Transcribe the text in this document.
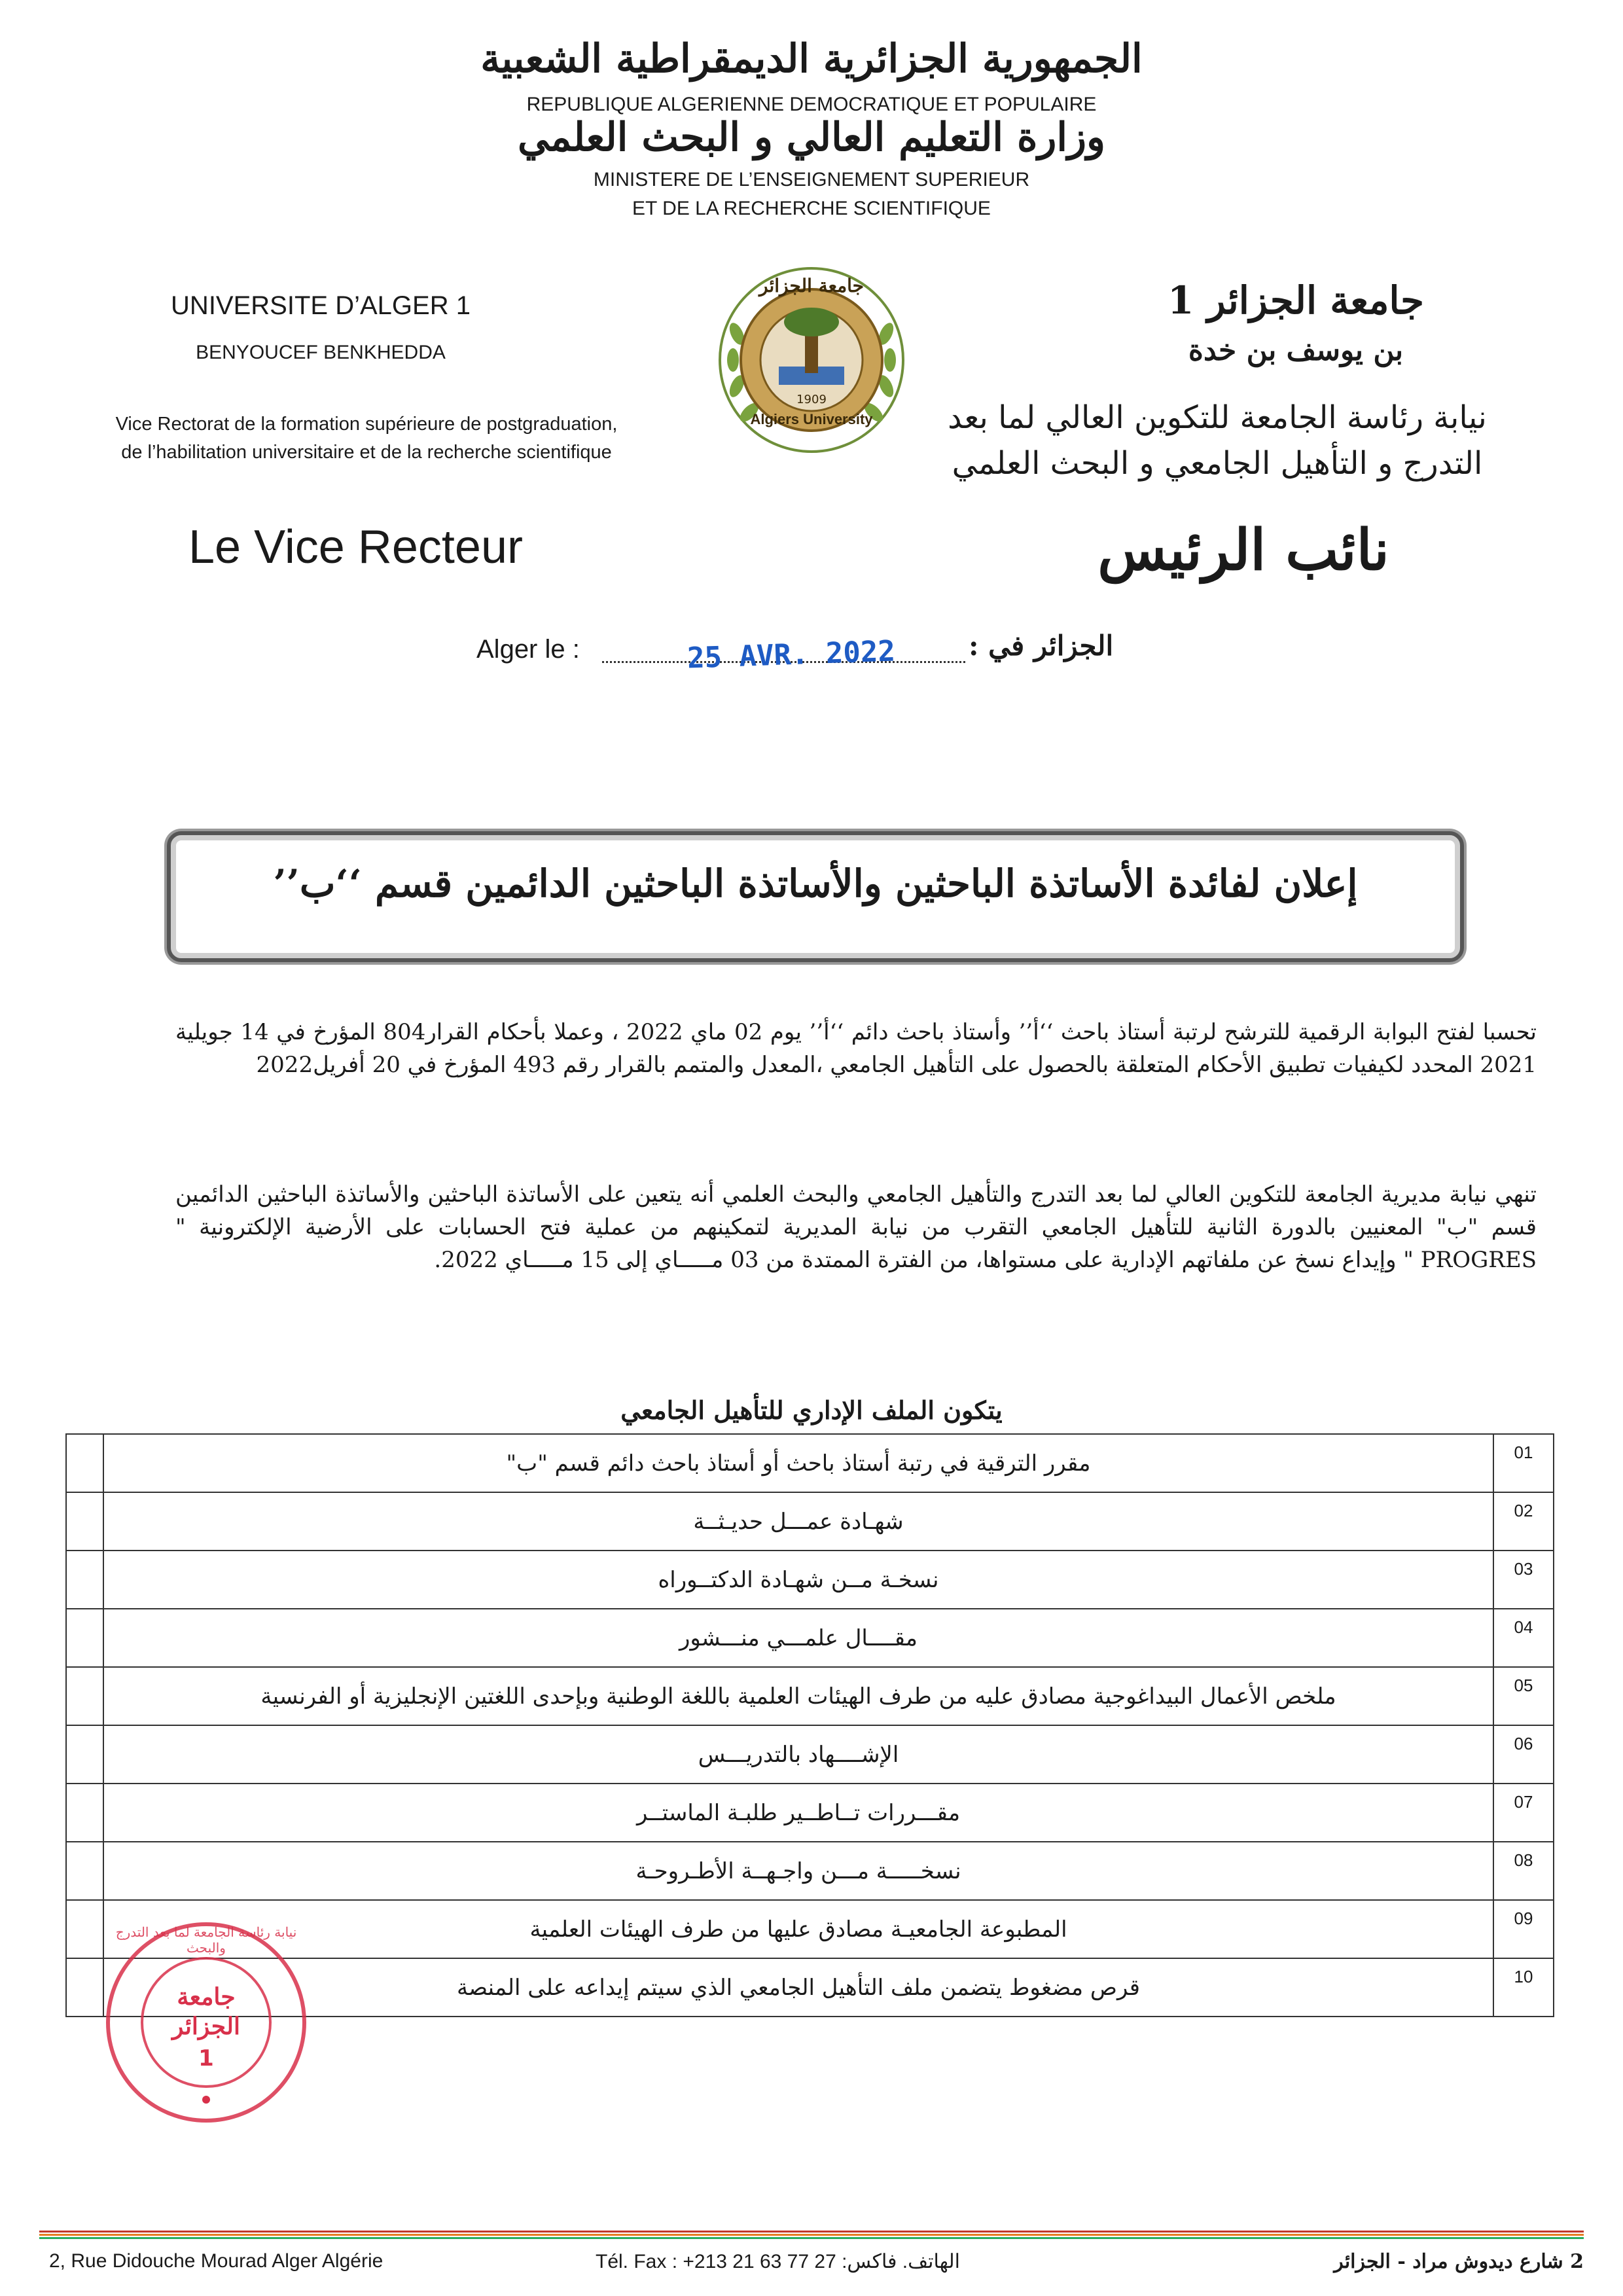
الجمهورية الجزائرية الديمقراطية الشعبية
REPUBLIQUE ALGERIENNE DEMOCRATIQUE ET POPULAIRE
وزارة التعليم العالي و البحث العلمي
MINISTERE DE L’ENSEIGNEMENT SUPERIEUR
ET DE LA RECHERCHE SCIENTIFIQUE
UNIVERSITE D’ALGER 1
BENYOUCEF BENKHEDDA
Vice Rectorat de la formation supérieure de postgraduation,
de l’habilitation universitaire et de la recherche scientifique
Le Vice Recteur
جامعة الجزائر
1909
Algiers University
جامعة الجزائر 1
بن يوسف بن خدة
نيابة رئاسة الجامعة للتكوين العالي لما بعد
التدرج و التأهيل الجامعي و البحث العلمي
نائب الرئيس
Alger le :	25 AVR. 2022	الجزائر في :
إعلان لفائدة الأساتذة الباحثين والأساتذة الباحثين الدائمين قسم ‘‘ب’’
تحسبا لفتح البوابة الرقمية للترشح لرتبة أستاذ باحث ‘‘أ’’ وأستاذ باحث دائم ‘‘أ’’ يوم 02 ماي 2022 ، وعملا بأحكام القرار804 المؤرخ في 14 جويلية 2021 المحدد لكيفيات تطبيق الأحكام المتعلقة بالحصول على التأهيل الجامعي ،المعدل والمتمم بالقرار رقم 493 المؤرخ في 20 أفريل2022
تنهي نيابة مديرية الجامعة للتكوين العالي لما بعد التدرج والتأهيل الجامعي والبحث العلمي أنه يتعين على الأساتذة الباحثين والأساتذة الباحثين الدائمين قسم "ب" المعنيين بالدورة الثانية للتأهيل الجامعي التقرب من نيابة المديرية لتمكينهم من عملية فتح الحسابات على الأرضية الإلكترونية " PROGRES " وإيداع نسخ عن ملفاتهم الإدارية على مستواها، من الفترة الممتدة من 03 مـــــاي إلى 15 مـــــاي 2022.
يتكون الملف الإداري للتأهيل الجامعي
	مقرر الترقية في رتبة أستاذ باحث أو أستاذ باحث دائم قسم "ب"	01
	شهـادة عمـــل حديـثــة	02
	نسخـة مــن شهـادة الدكتــوراه	03
	مقــــال علمـــي منـــشور	04
	ملخص الأعمال البيداغوجية مصادق عليه من طرف الهيئات العلمية باللغة الوطنية وبإحدى اللغتين الإنجليزية أو الفرنسية	05
	الإشــــهاد بالتدريـــس	06
	مقـــررات تــاطــير طلبـة الماستــر	07
	نسخـــــة مـــن واجـهــة الأطـروحـة	08
	المطبوعة الجامعيـة مصادق عليها من طرف الهيئات العلمية	09
	قرص مضغوط يتضمن ملف التأهيل الجامعي الذي سيتم إيداعه على المنصة	10
نيابة رئاسة الجامعة لما بعد التدرج والبحث
جامعة
الجزائر
1
2, Rue Didouche Mourad Alger Algérie	Tél. Fax : +213 21 63 77 27 :الهاتف. فاكس	2 شارع ديدوش مراد - الجزائر
